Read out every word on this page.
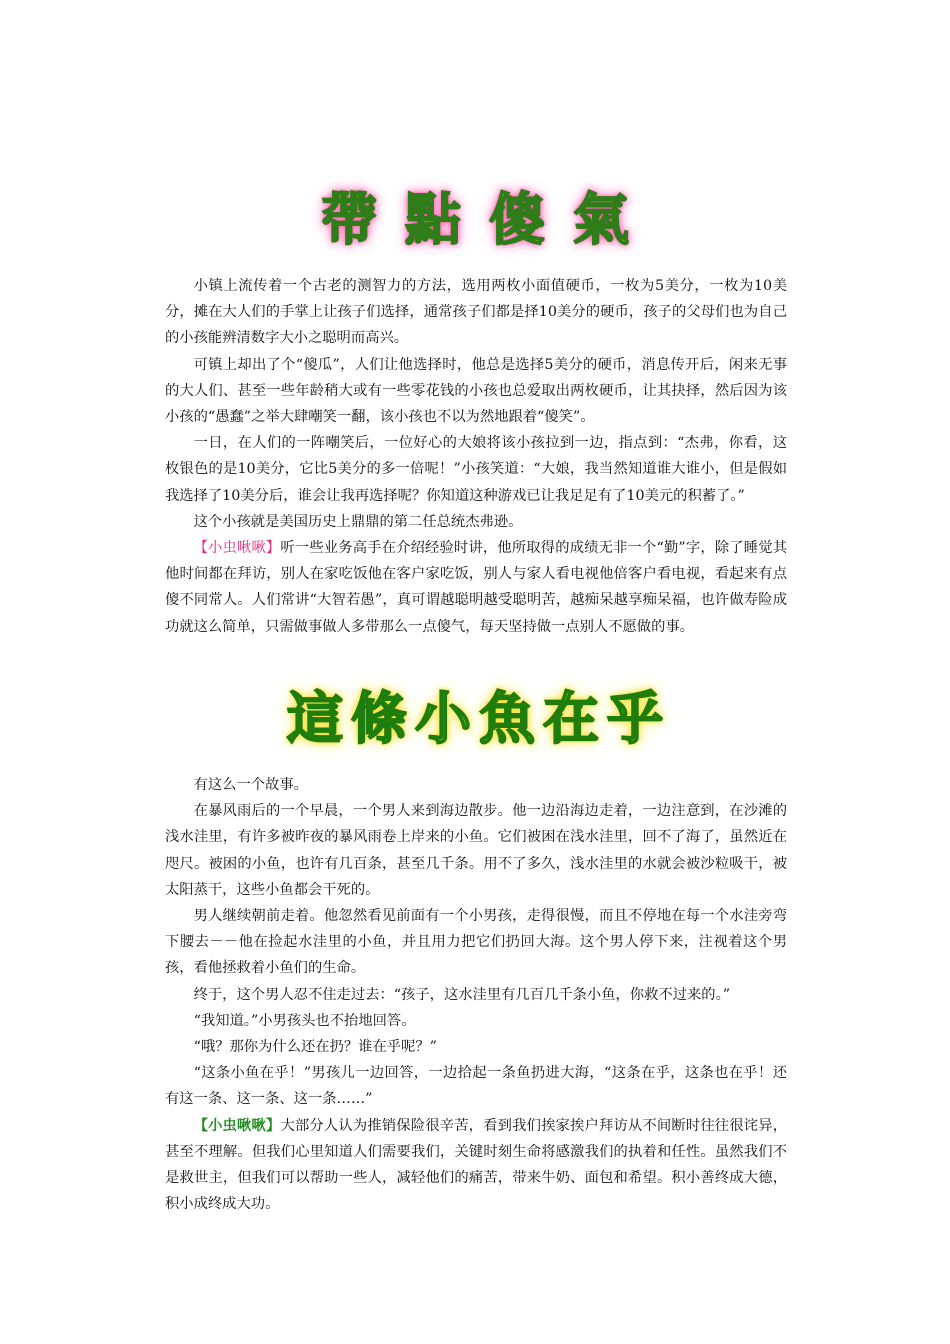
帶 點 傻 氣

小镇上流传着一个古老的测智力的方法，选用两枚小面值硬币，一枚为5美分，一枚为10美分，摊在大人们的手掌上让孩子们选择，通常孩子们都是择10美分的硬币，孩子的父母们也为自己的小孩能辨清数字大小之聪明而高兴。

可镇上却出了个“傻瓜”，人们让他选择时，他总是选择5美分的硬币，消息传开后，闲来无事的大人们、甚至一些年龄稍大或有一些零花钱的小孩也总爱取出两枚硬币，让其抉择，然后因为该小孩的“愚蠢”之举大肆嘲笑一翻，该小孩也不以为然地跟着“傻笑”。

一日，在人们的一阵嘲笑后，一位好心的大娘将该小孩拉到一边，指点到：“杰弗，你看，这枚银色的是10美分，它比5美分的多一倍呢！”小孩笑道：“大娘，我当然知道谁大谁小，但是假如我选择了10美分后，谁会让我再选择呢？你知道这种游戏已让我足足有了10美元的积蓄了。”

这个小孩就是美国历史上鼎鼎的第二任总统杰弗逊。

【小虫啾啾】听一些业务高手在介绍经验时讲，他所取得的成绩无非一个“勤”字，除了睡觉其他时间都在拜访，别人在家吃饭他在客户家吃饭，别人与家人看电视他倍客户看电视，看起来有点傻不同常人。人们常讲“大智若愚”，真可谓越聪明越受聪明苦，越痴呆越享痴呆福，也许做寿险成功就这么简单，只需做事做人多带那么一点傻气，每天坚持做一点别人不愿做的事。

這 條 小 魚 在 乎

有这么一个故事。

在暴风雨后的一个早晨，一个男人来到海边散步。他一边沿海边走着，一边注意到，在沙滩的浅水洼里，有许多被昨夜的暴风雨卷上岸来的小鱼。它们被困在浅水洼里，回不了海了，虽然近在咫尺。被困的小鱼，也许有几百条，甚至几千条。用不了多久，浅水洼里的水就会被沙粒吸干，被太阳蒸干，这些小鱼都会干死的。

男人继续朝前走着。他忽然看见前面有一个小男孩，走得很慢，而且不停地在每一个水洼旁弯下腰去－－他在捡起水洼里的小鱼，并且用力把它们扔回大海。这个男人停下来，注视着这个男孩，看他拯救着小鱼们的生命。

终于，这个男人忍不住走过去：“孩子，这水洼里有几百几千条小鱼，你救不过来的。”

“我知道。”小男孩头也不抬地回答。

“哦？那你为什么还在扔？谁在乎呢？”

“这条小鱼在乎！”男孩儿一边回答，一边拾起一条鱼扔进大海，“这条在乎，这条也在乎！还有这一条、这一条、这一条……”

【小虫啾啾】大部分人认为推销保险很辛苦，看到我们挨家挨户拜访从不间断时往往很诧异，甚至不理解。但我们心里知道人们需要我们，关键时刻生命将感激我们的执着和任性。虽然我们不是救世主，但我们可以帮助一些人，减轻他们的痛苦，带来牛奶、面包和希望。积小善终成大德，积小成终成大功。
